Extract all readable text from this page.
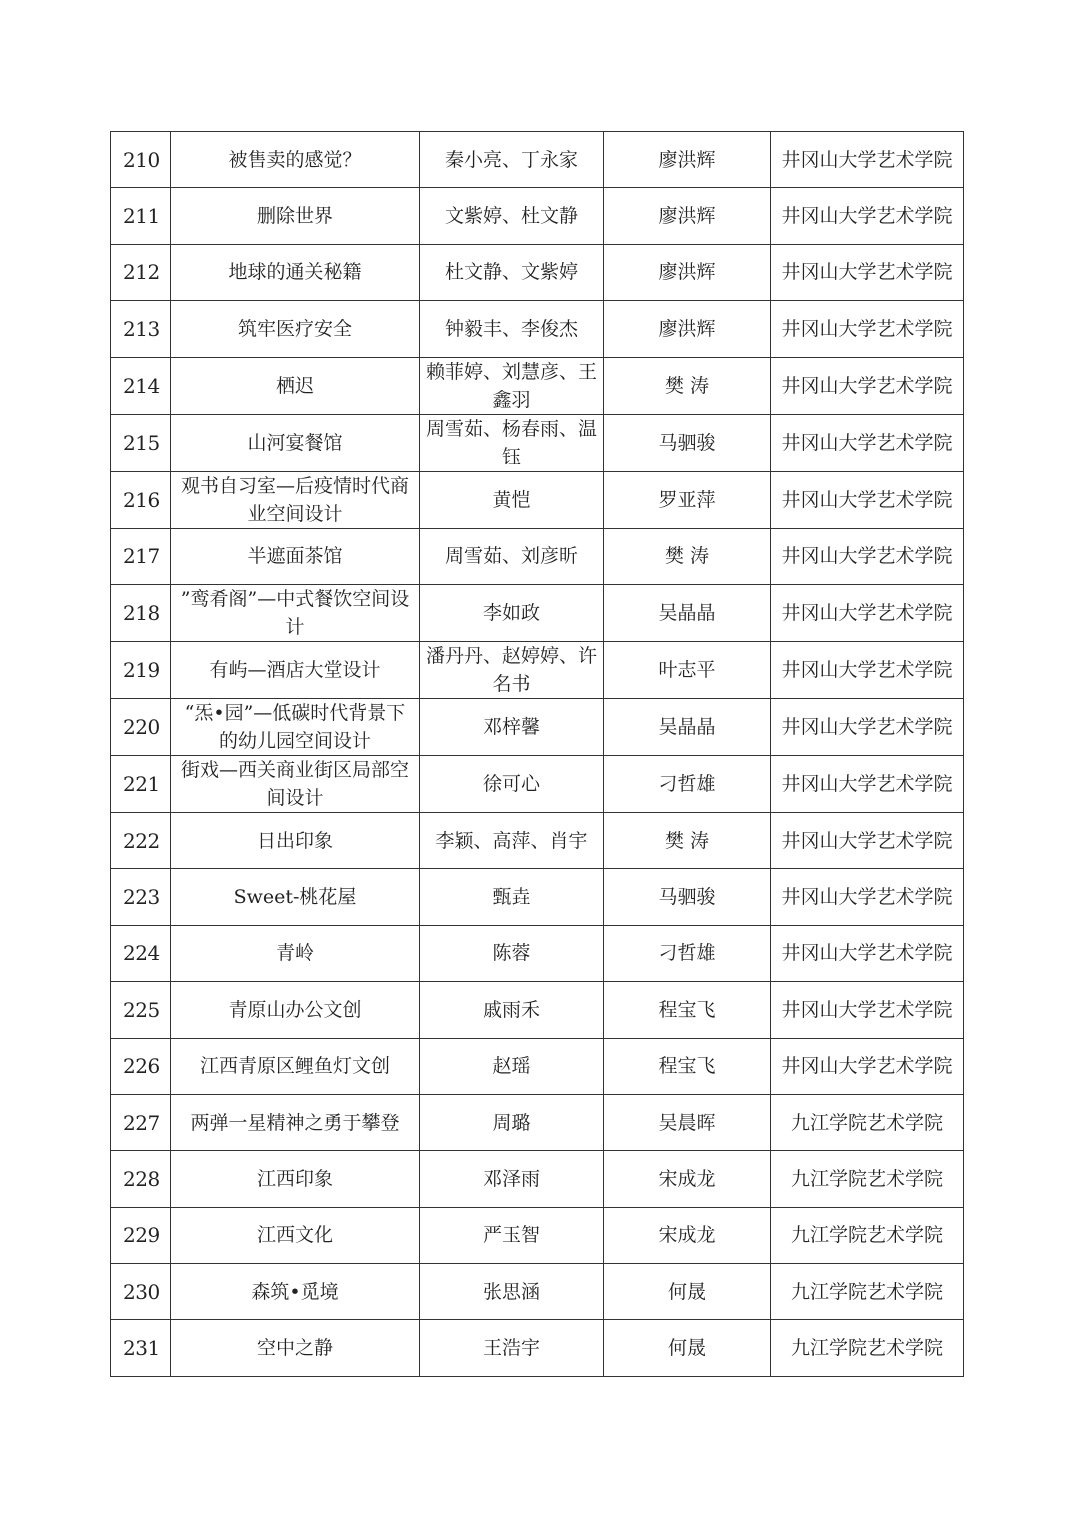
210	被售卖的感觉？	秦小亮、丁永家	廖洪辉	井冈山大学艺术学院
211	删除世界	文紫婷、杜文静	廖洪辉	井冈山大学艺术学院
212	地球的通关秘籍	杜文静、文紫婷	廖洪辉	井冈山大学艺术学院
213	筑牢医疗安全	钟毅丰、李俊杰	廖洪辉	井冈山大学艺术学院
214	栖迟	赖菲婷、刘慧彦、王鑫羽	樊 涛	井冈山大学艺术学院
215	山河宴餐馆	周雪茹、杨春雨、温钰	马驷骏	井冈山大学艺术学院
216	观书自习室—后疫情时代商业空间设计	黄恺	罗亚萍	井冈山大学艺术学院
217	半遮面茶馆	周雪茹、刘彦昕	樊 涛	井冈山大学艺术学院
218	”鸾肴阁”—中式餐饮空间设计	李如政	吴晶晶	井冈山大学艺术学院
219	有屿—酒店大堂设计	潘丹丹、赵婷婷、许名书	叶志平	井冈山大学艺术学院
220	“炁•园”—低碳时代背景下的幼儿园空间设计	邓梓馨	吴晶晶	井冈山大学艺术学院
221	街戏—西关商业街区局部空间设计	徐可心	刁哲雄	井冈山大学艺术学院
222	日出印象	李颖、高萍、肖宇	樊 涛	井冈山大学艺术学院
223	Sweet-桃花屋	甄垚	马驷骏	井冈山大学艺术学院
224	青岭	陈蓉	刁哲雄	井冈山大学艺术学院
225	青原山办公文创	戚雨禾	程宝飞	井冈山大学艺术学院
226	江西青原区鲤鱼灯文创	赵瑶	程宝飞	井冈山大学艺术学院
227	两弹一星精神之勇于攀登	周璐	吴晨晖	九江学院艺术学院
228	江西印象	邓泽雨	宋成龙	九江学院艺术学院
229	江西文化	严玉智	宋成龙	九江学院艺术学院
230	森筑•觅境	张思涵	何晟	九江学院艺术学院
231	空中之静	王浩宇	何晟	九江学院艺术学院
